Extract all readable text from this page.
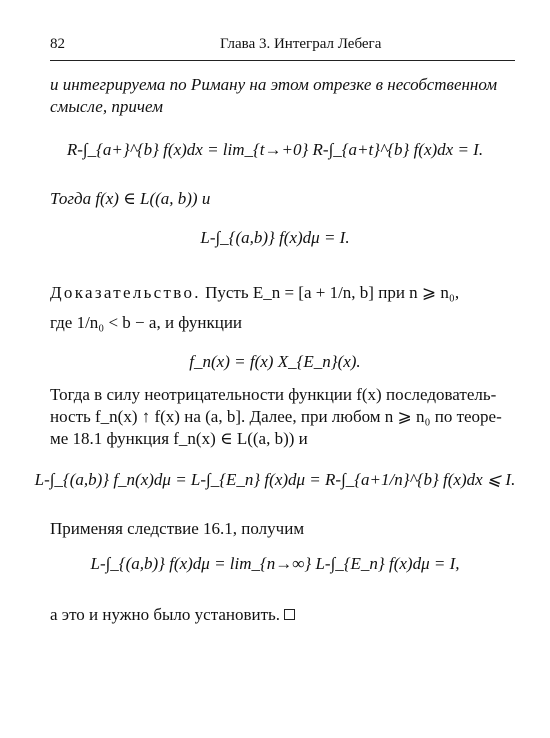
82	Глава 3. Интеграл Лебега
и интегрируема по Риману на этом отрезке в несобственном
смысле, причем
R-∫_{a+}^{b} f(x)dx = lim_{t→+0} R-∫_{a+t}^{b} f(x)dx = I.
Тогда f(x) ∈ L((a, b)) и
L-∫_{(a,b)} f(x)dμ = I.
Доказательство. Пусть E_n = [a + 1/n, b] при n ⩾ n₀,
где 1/n₀ < b − a, и функции
f_n(x) = f(x) X_{E_n}(x).
Тогда в силу неотрицательности функции f(x) последователь-
ность f_n(x) ↑ f(x) на (a, b]. Далее, при любом n ⩾ n₀ по теоре-
ме 18.1 функция f_n(x) ∈ L((a, b)) и
L-∫_{(a,b)} f_n(x)dμ = L-∫_{E_n} f(x)dμ = R-∫_{a+1/n}^{b} f(x)dx ⩽ I.
Применяя следствие 16.1, получим
L-∫_{(a,b)} f(x)dμ = lim_{n→∞} L-∫_{E_n} f(x)dμ = I,
а это и нужно было установить.
